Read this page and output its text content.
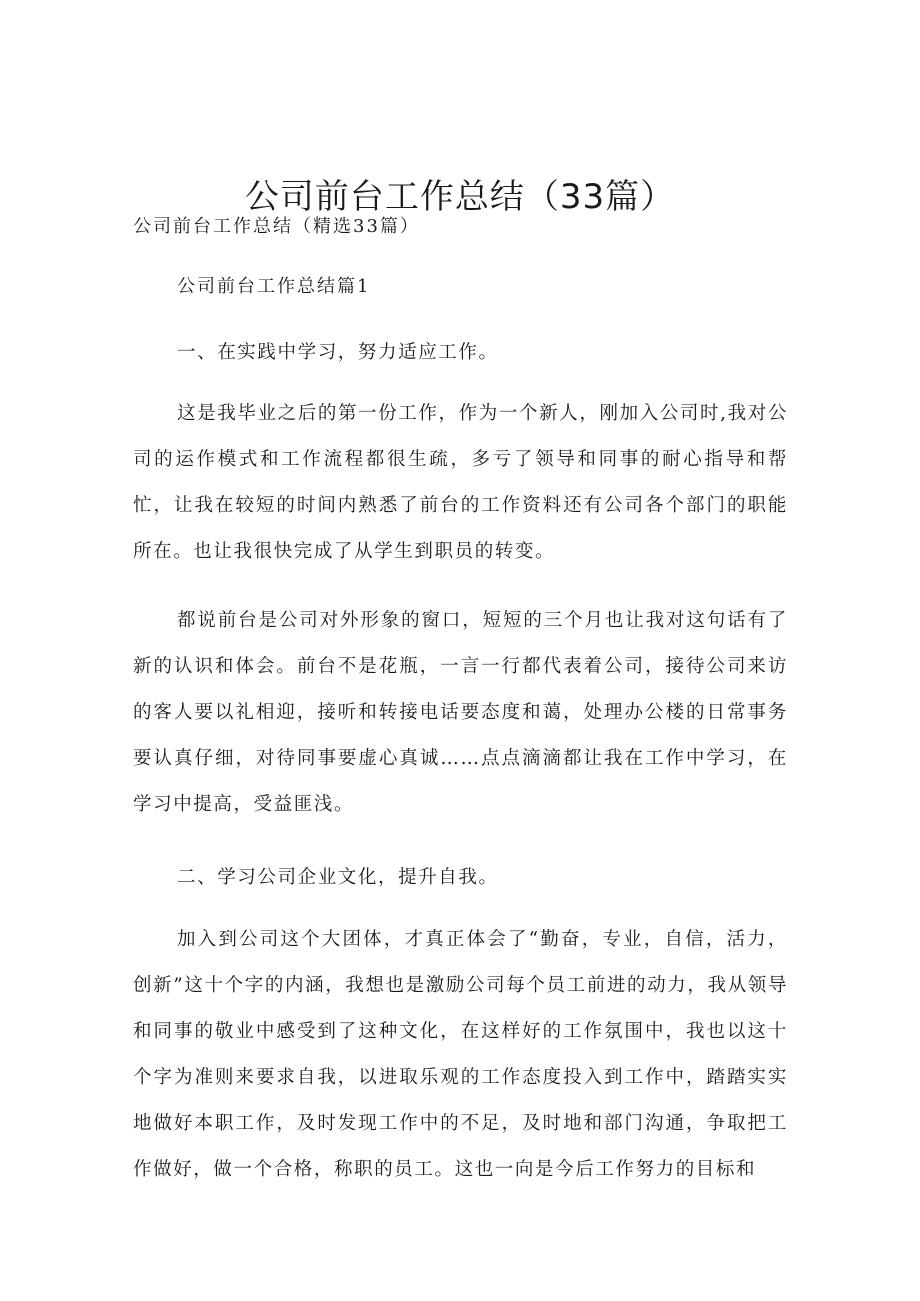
公司前台工作总结（33篇）
公司前台工作总结（精选33篇）
公司前台工作总结篇1

一、在实践中学习，努力适应工作。

这是我毕业之后的第一份工作，作为一个新人，刚加入公司时,我对公司的运作模式和工作流程都很生疏，多亏了领导和同事的耐心指导和帮忙，让我在较短的时间内熟悉了前台的工作资料还有公司各个部门的职能所在。也让我很快完成了从学生到职员的转变。

都说前台是公司对外形象的窗口，短短的三个月也让我对这句话有了新的认识和体会。前台不是花瓶，一言一行都代表着公司，接待公司来访的客人要以礼相迎，接听和转接电话要态度和蔼，处理办公楼的日常事务要认真仔细，对待同事要虚心真诚……点点滴滴都让我在工作中学习，在学习中提高，受益匪浅。

二、学习公司企业文化，提升自我。

加入到公司这个大团体，才真正体会了“勤奋，专业，自信，活力，创新”这十个字的内涵，我想也是激励公司每个员工前进的动力，我从领导和同事的敬业中感受到了这种文化，在这样好的工作氛围中，我也以这十个字为准则来要求自我，以进取乐观的工作态度投入到工作中，踏踏实实地做好本职工作，及时发现工作中的不足，及时地和部门沟通，争取把工作做好，做一个合格，称职的员工。这也一向是今后工作努力的目标和
